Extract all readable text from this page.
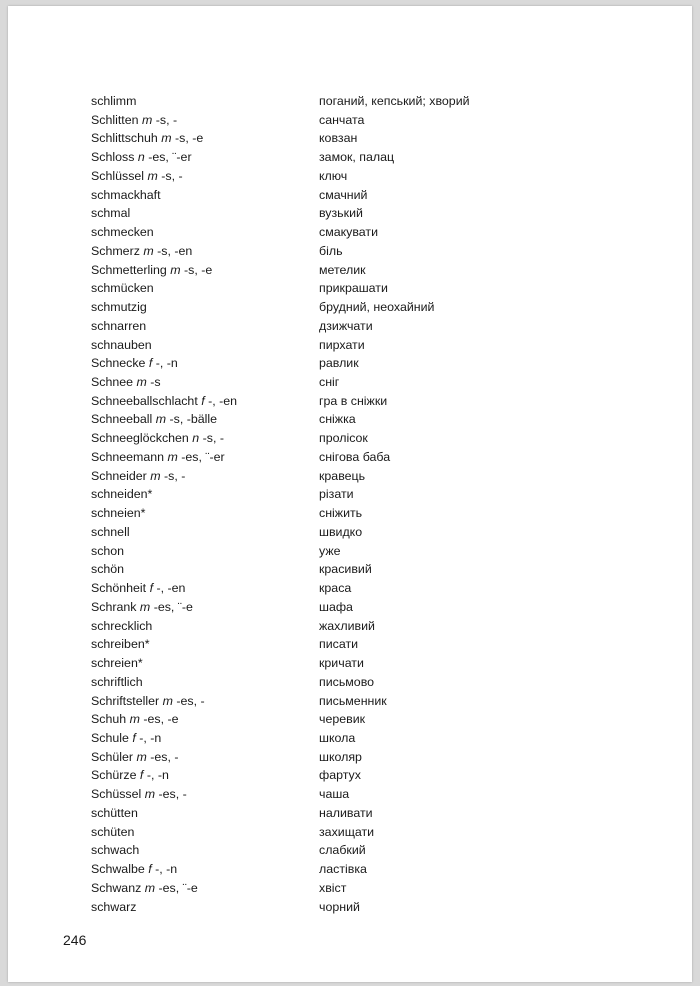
schlimm	поганий, кепський; хворий
Schlitten m -s, -	санчата
Schlittschuh m -s, -e	ковзан
Schloss n -es, ¨-er	замок, палац
Schlüssel m -s, -	ключ
schmackhaft	смачний
schmal	вузький
schmecken	смакувати
Schmerz m -s, -en	біль
Schmetterling m -s, -e	метелик
schmücken	прикрашати
schmutzig	брудний, неохайний
schnarren	дзижчати
schnauben	пирхати
Schnecke f -, -n	равлик
Schnee m -s	сніг
Schneeballschlacht f -, -en	гра в сніжки
Schneeball m -s, -bälle	сніжка
Schneeglöckchen n -s, -	пролісок
Schneemann m -es, ¨-er	снігова баба
Schneider m -s, -	кравець
schneiden*	різати
schneien*	сніжить
schnell	швидко
schon	уже
schön	красивий
Schönheit f -, -en	краса
Schrank m -es, ¨-e	шафа
schrecklich	жахливий
schreiben*	писати
schreien*	кричати
schriftlich	письмово
Schriftsteller m -es, -	письменник
Schuh m -es, -e	черевик
Schule f -, -n	школа
Schüler m -es, -	школяр
Schürze f -, -n	фартух
Schüssel m -es, -	чаша
schütten	наливати
schüten	захищати
schwach	слабкий
Schwalbe f -, -n	ластівка
Schwanz m -es, ¨-e	хвіст
schwarz	чорний
246
